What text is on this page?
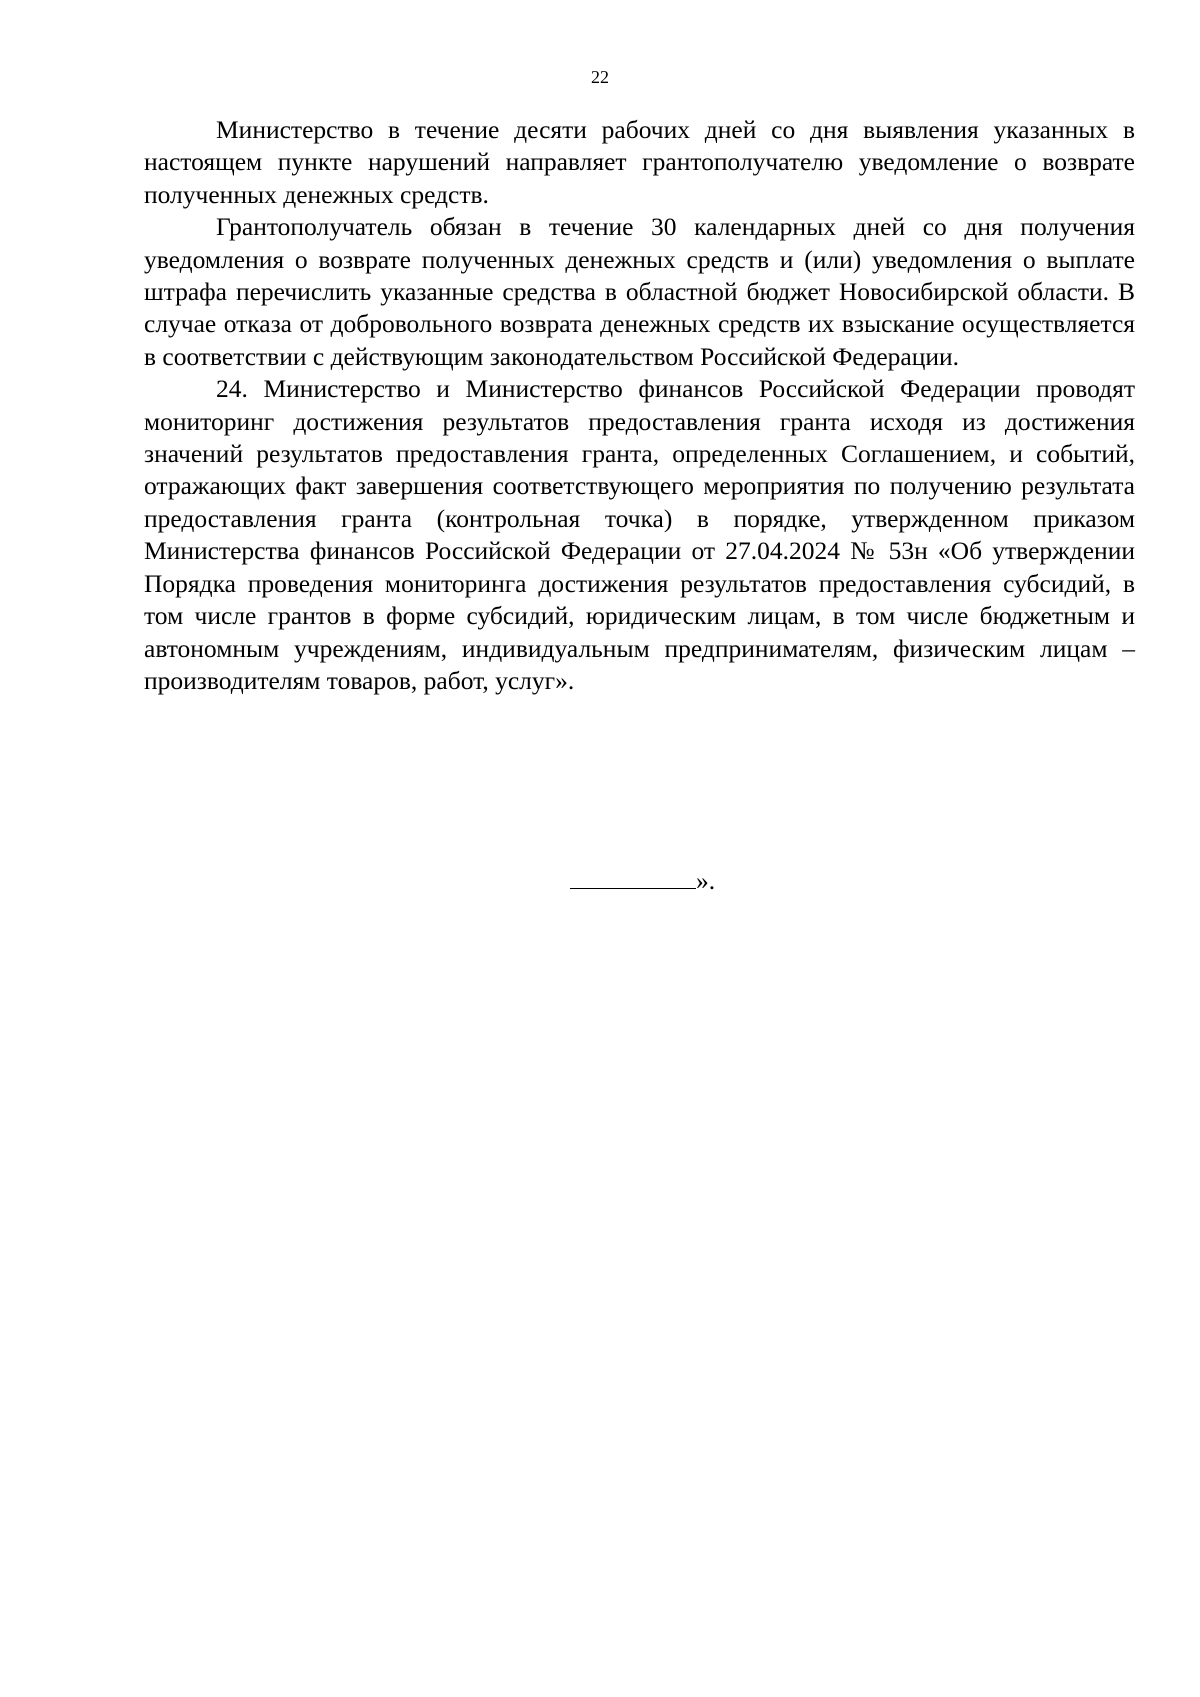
22

Министерство в течение десяти рабочих дней со дня выявления указанных в настоящем пункте нарушений направляет грантополучателю уведомление о возврате полученных денежных средств.

Грантополучатель обязан в течение 30 календарных дней со дня получения уведомления о возврате полученных денежных средств и (или) уведомления о выплате штрафа перечислить указанные средства в областной бюджет Новосибирской области. В случае отказа от добровольного возврата денежных средств их взыскание осуществляется в соответствии с действующим законодательством Российской Федерации.

24. Министерство и Министерство финансов Российской Федерации проводят мониторинг достижения результатов предоставления гранта исходя из достижения значений результатов предоставления гранта, определенных Соглашением, и событий, отражающих факт завершения соответствующего мероприятия по получению результата предоставления гранта (контрольная точка) в порядке, утвержденном приказом Министерства финансов Российской Федерации от 27.04.2024 № 53н «Об утверждении Порядка проведения мониторинга достижения результатов предоставления субсидий, в том числе грантов в форме субсидий, юридическим лицам, в том числе бюджетным и автономным учреждениям, индивидуальным предпринимателям, физическим лицам – производителям товаров, работ, услуг».

».
